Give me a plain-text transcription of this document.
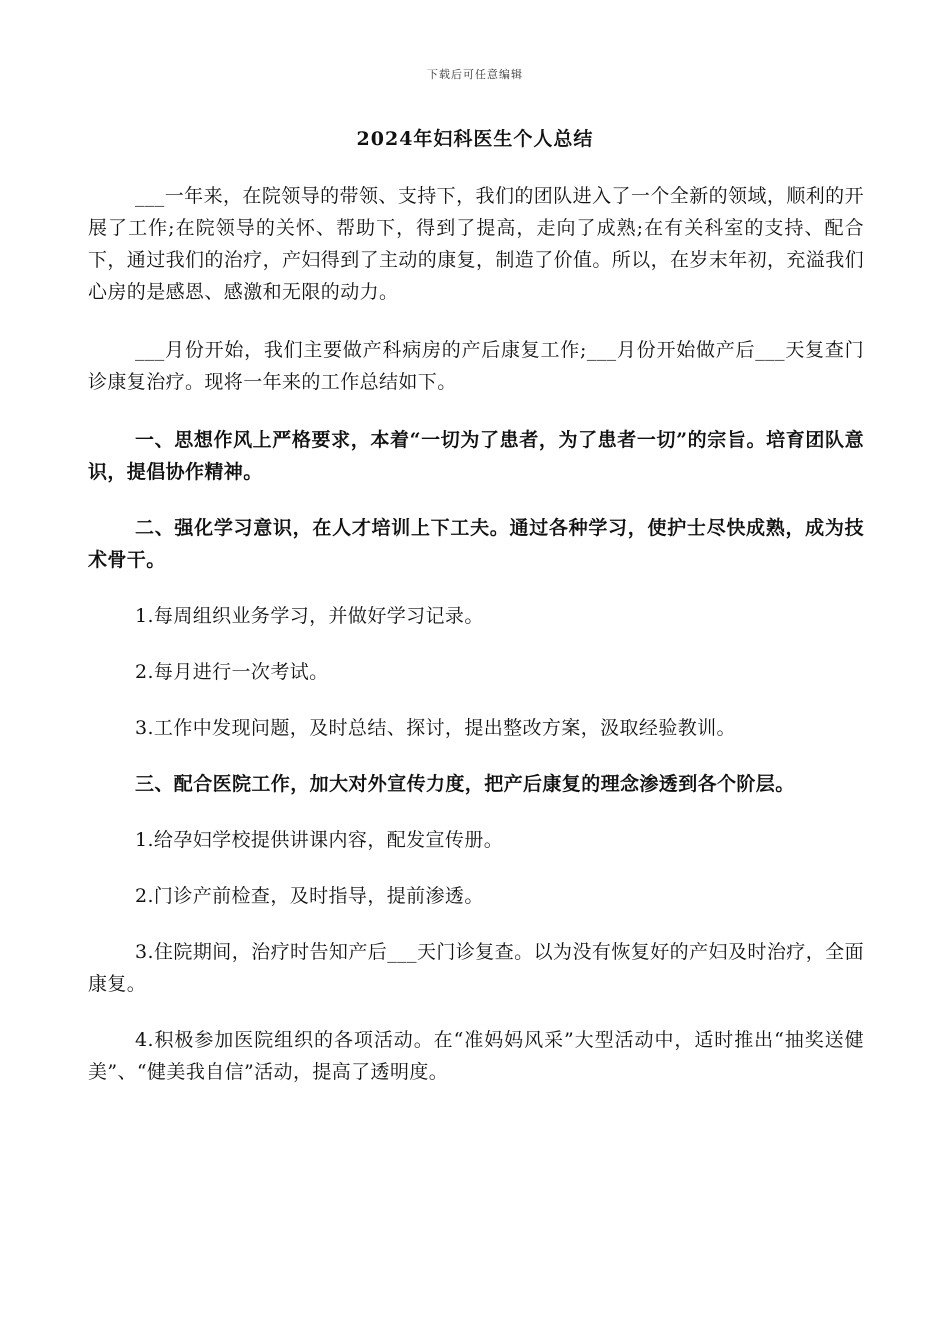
下载后可任意编辑
2024年妇科医生个人总结

___一年来，在院领导的带领、支持下，我们的团队进入了一个全新的领域，顺利的开展了工作;在院领导的关怀、帮助下，得到了提高，走向了成熟;在有关科室的支持、配合下，通过我们的治疗，产妇得到了主动的康复，制造了价值。所以，在岁末年初，充溢我们心房的是感恩、感激和无限的动力。

___月份开始，我们主要做产科病房的产后康复工作;___月份开始做产后___天复查门诊康复治疗。现将一年来的工作总结如下。

一、思想作风上严格要求，本着“一切为了患者，为了患者一切”的宗旨。培育团队意识，提倡协作精神。

二、强化学习意识，在人才培训上下工夫。通过各种学习，使护士尽快成熟，成为技术骨干。

1.每周组织业务学习，并做好学习记录。

2.每月进行一次考试。

3.工作中发现问题，及时总结、探讨，提出整改方案，汲取经验教训。

三、配合医院工作，加大对外宣传力度，把产后康复的理念渗透到各个阶层。

1.给孕妇学校提供讲课内容，配发宣传册。

2.门诊产前检查，及时指导，提前渗透。

3.住院期间，治疗时告知产后___天门诊复查。以为没有恢复好的产妇及时治疗，全面康复。

4.积极参加医院组织的各项活动。在“准妈妈风采”大型活动中，适时推出“抽奖送健美”、“健美我自信”活动，提高了透明度。
